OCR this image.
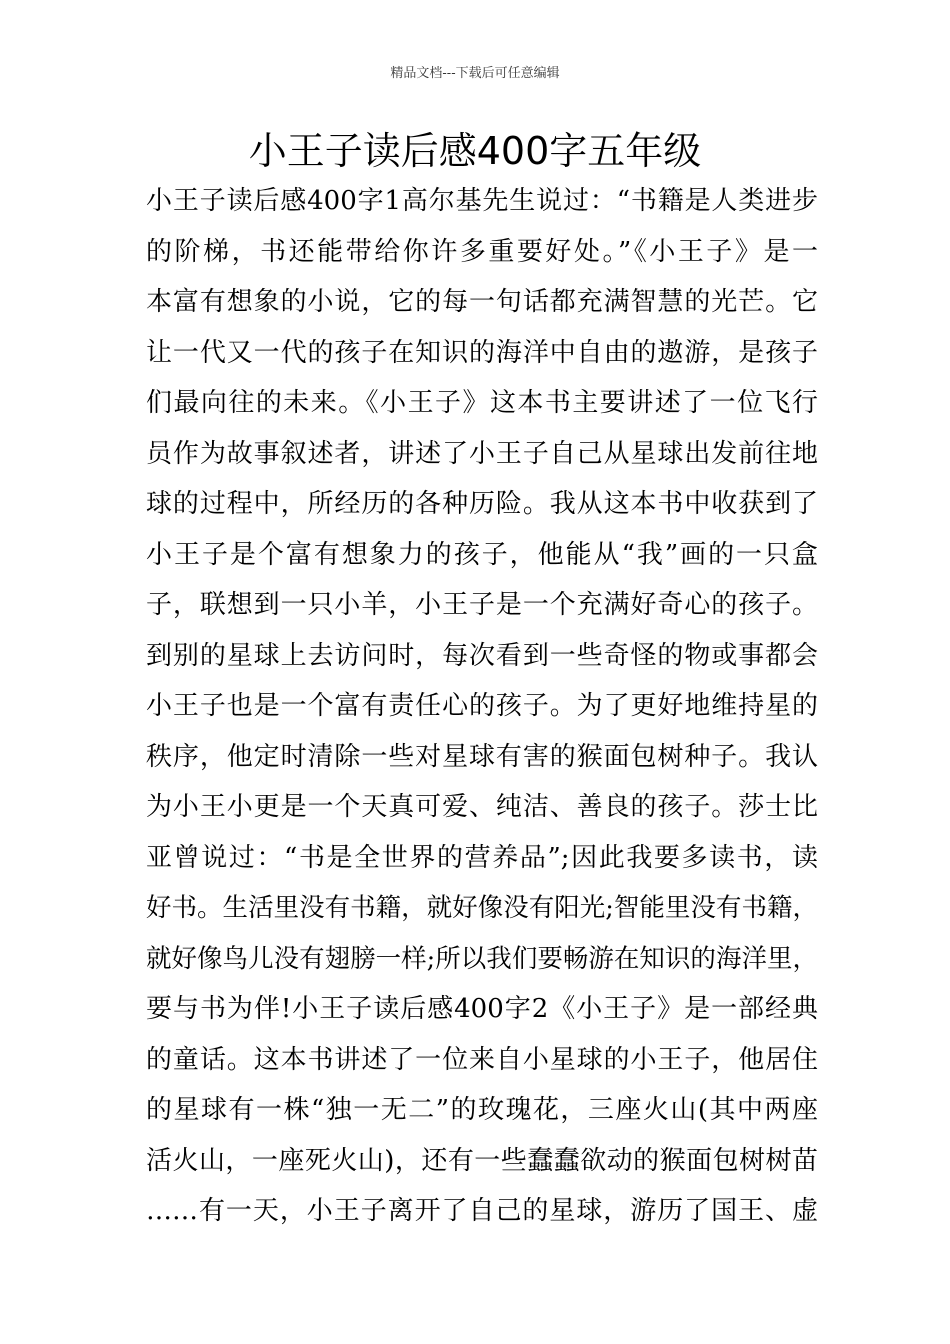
精品文档---下载后可任意编辑
小王子读后感400字五年级
小王子读后感400字1高尔基先生说过：“书籍是人类进步
的阶梯，书还能带给你许多重要好处。”《小王子》是一
本富有想象的小说，它的每一句话都充满智慧的光芒。它
让一代又一代的孩子在知识的海洋中自由的遨游，是孩子
们最向往的未来。《小王子》这本书主要讲述了一位飞行
员作为故事叙述者，讲述了小王子自己从星球出发前往地
球的过程中，所经历的各种历险。我从这本书中收获到了
小王子是个富有想象力的孩子，他能从“我”画的一只盒
子，联想到一只小羊，小王子是一个充满好奇心的孩子。
到别的星球上去访问时，每次看到一些奇怪的物或事都会
小王子也是一个富有责任心的孩子。为了更好地维持星的
秩序，他定时清除一些对星球有害的猴面包树种子。我认
为小王小更是一个天真可爱、纯洁、善良的孩子。莎士比
亚曾说过：“书是全世界的营养品”;因此我要多读书，读
好书。生活里没有书籍，就好像没有阳光;智能里没有书籍，
就好像鸟儿没有翅膀一样;所以我们要畅游在知识的海洋里，
要与书为伴!小王子读后感400字2《小王子》是一部经典
的童话。这本书讲述了一位来自小星球的小王子，他居住
的星球有一株“独一无二”的玫瑰花，三座火山(其中两座
活火山，一座死火山)，还有一些蠢蠢欲动的猴面包树树苗
……有一天，小王子离开了自己的星球，游历了国王、虚
